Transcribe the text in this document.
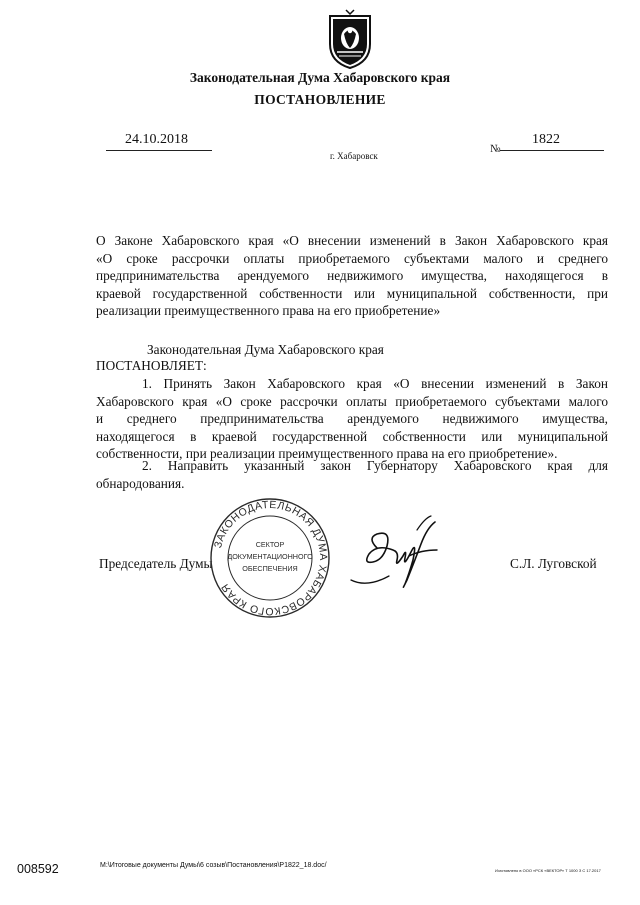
Законодательная Дума Хабаровского края
ПОСТАНОВЛЕНИЕ
24.10.2018
г. Хабаровск
№
1822
О Законе Хабаровского края «О внесении изменений в Закон Хабаровского края
«О сроке рассрочки оплаты приобретаемого субъектами малого и среднего
предпринимательства арендуемого недвижимого имущества, находящегося в
краевой государственной собственности или муниципальной собственности, при
реализации преимущественного права на его приобретение»
Законодательная Дума Хабаровского края
ПОСТАНОВЛЯЕТ:
1. Принять Закон Хабаровского края «О внесении изменений в Закон
Хабаровского края «О сроке рассрочки оплаты приобретаемого субъектами малого
и среднего предпринимательства арендуемого недвижимого имущества,
находящегося в краевой государственной собственности или муниципальной
собственности, при реализации преимущественного права на его приобретение».
2. Направить указанный закон Губернатору Хабаровского края для
обнародования.
Председатель Думы
ЗАКОНОДАТЕЛЬНАЯ ДУМА ХАБАРОВСКОГО КРАЯ
СЕКТОР
ДОКУМЕНТАЦИОННОГО
ОБЕСПЕЧЕНИЯ	С.Л. Луговской
008592	M:\Итоговые документы Думы\6 созыв\Постановления\P1822_18.doc/
Изготовлено в ООО «РСК «ВЕКТОР» Т 1000 З С 17.2017
